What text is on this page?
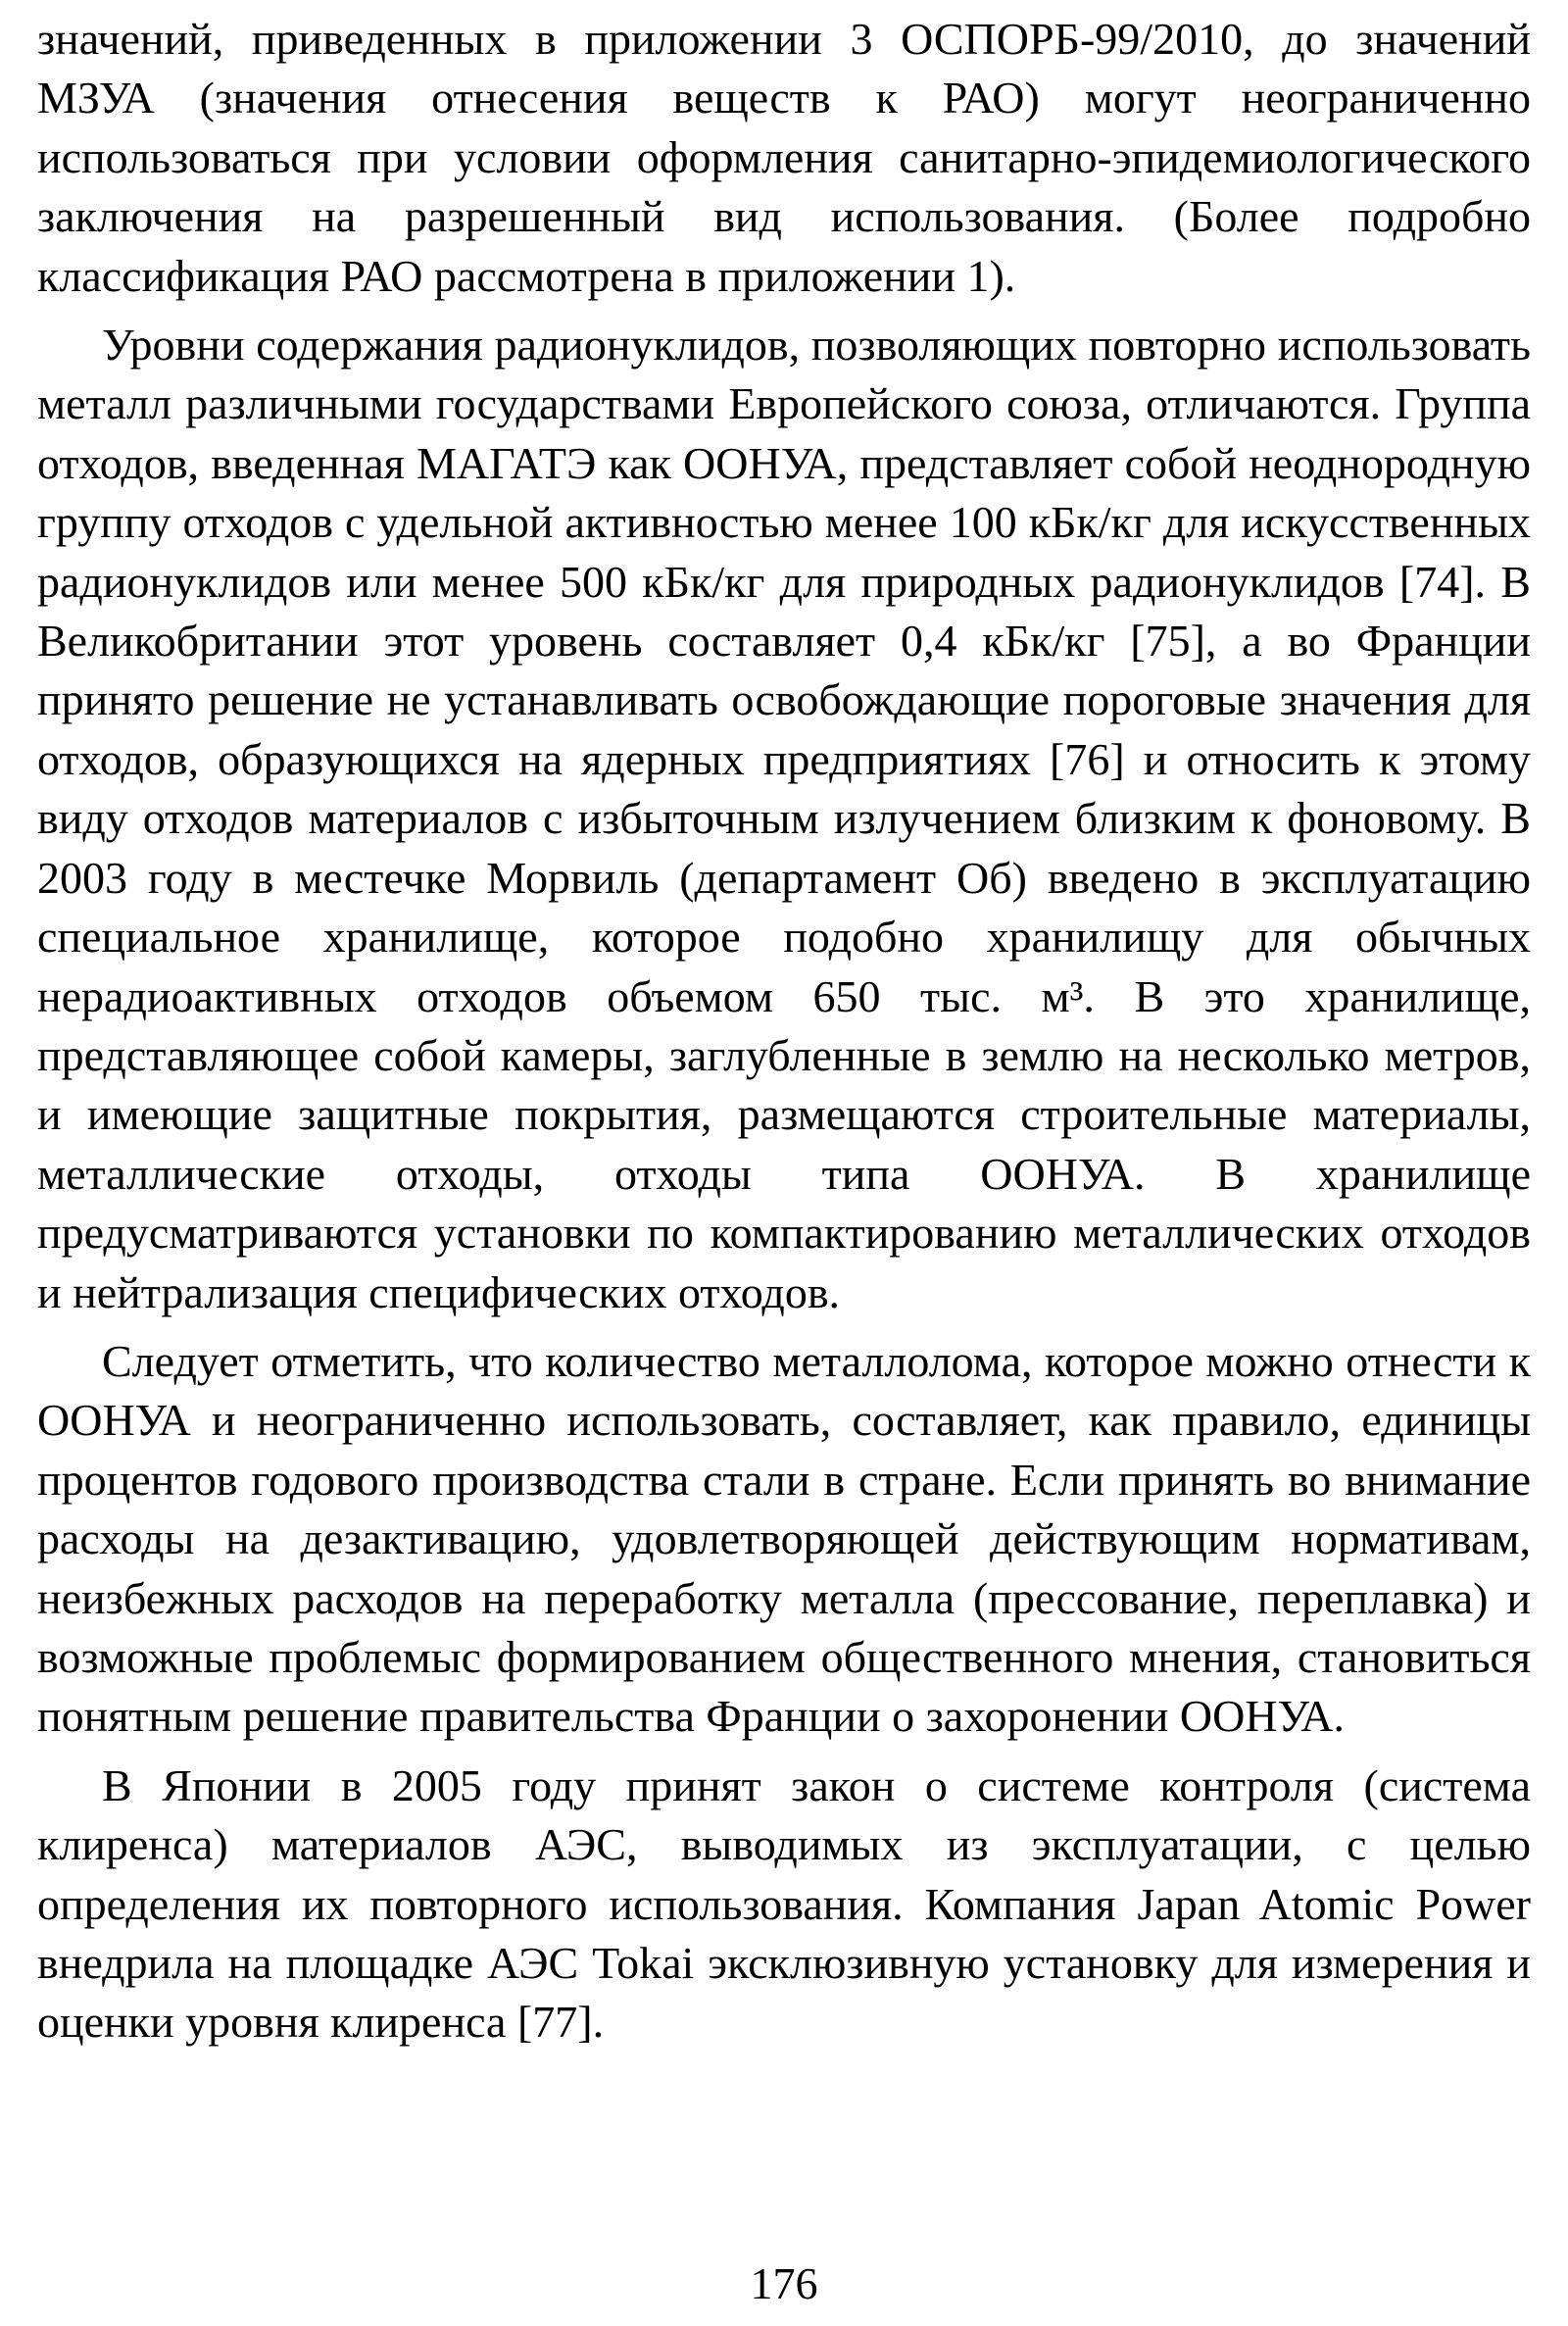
значений, приведенных в приложении 3 ОСПОРБ-99/2010, до значений МЗУА (значения отнесения веществ к РАО) могут неограниченно использоваться при условии оформления санитарно-эпидемиологического заключения на разрешенный вид использования. (Более подробно классификация РАО рассмотрена в приложении 1).

Уровни содержания радионуклидов, позволяющих повторно использовать металл различными государствами Европейского союза, отличаются. Группа отходов, введенная МАГАТЭ как ООНУА, представляет собой неоднородную группу отходов с удельной активностью менее 100 кБк/кг для искусственных радионуклидов или менее 500 кБк/кг для природных радионуклидов [74]. В Великобритании этот уровень составляет 0,4 кБк/кг [75], а во Франции принято решение не устанавливать освобождающие пороговые значения для отходов, образующихся на ядерных предприятиях [76] и относить к этому виду отходов материалов с избыточным излучением близким к фоновому. В 2003 году в местечке Морвиль (департамент Об) введено в эксплуатацию специальное хранилище, которое подобно хранилищу для обычных нерадиоактивных отходов объемом 650 тыс. м³. В это хранилище, представляющее собой камеры, заглубленные в землю на несколько метров, и имеющие защитные покрытия, размещаются строительные материалы, металлические отходы, отходы типа ООНУА. В хранилище предусматриваются установки по компактированию металлических отходов и нейтрализация специфических отходов.

Следует отметить, что количество металлолома, которое можно отнести к ООНУА и неограниченно использовать, составляет, как правило, единицы процентов годового производства стали в стране. Если принять во внимание расходы на дезактивацию, удовлетворяющей действующим нормативам, неизбежных расходов на переработку металла (прессование, переплавка) и возможные проблемыс формированием общественного мнения, становиться понятным решение правительства Франции о захоронении ООНУА.

В Японии в 2005 году принят закон о системе контроля (система клиренса) материалов АЭС, выводимых из эксплуатации, с целью определения их повторного использования. Компания Japan Atomic Power внедрила на площадке АЭС Tokai эксклюзивную установку для измерения и оценки уровня клиренса [77].

176
